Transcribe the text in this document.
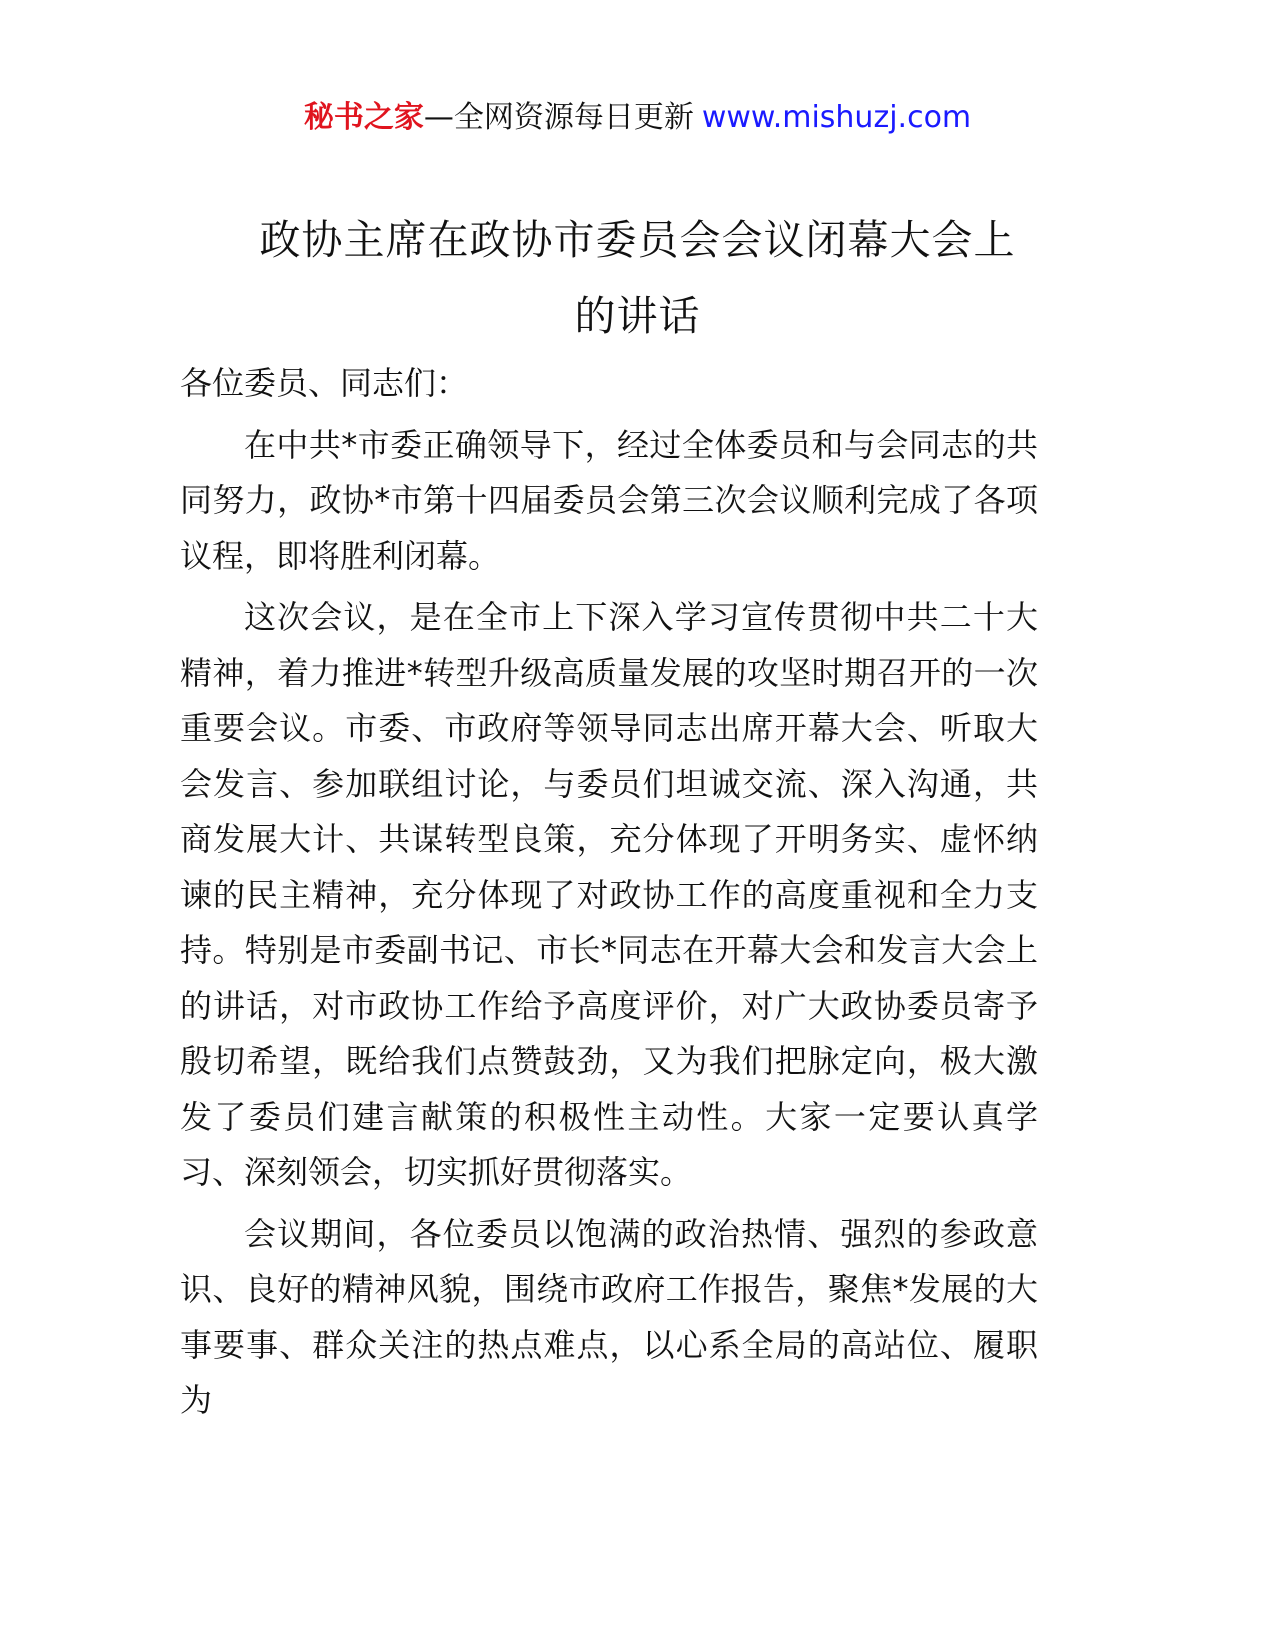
秘书之家—全网资源每日更新 www.mishuzj.com
政协主席在政协市委员会会议闭幕大会上
的讲话

各位委员、同志们：

在中共*市委正确领导下，经过全体委员和与会同志的共同努力，政协*市第十四届委员会第三次会议顺利完成了各项议程，即将胜利闭幕。

这次会议，是在全市上下深入学习宣传贯彻中共二十大精神，着力推进*转型升级高质量发展的攻坚时期召开的一次重要会议。市委、市政府等领导同志出席开幕大会、听取大会发言、参加联组讨论，与委员们坦诚交流、深入沟通，共商发展大计、共谋转型良策，充分体现了开明务实、虚怀纳谏的民主精神，充分体现了对政协工作的高度重视和全力支持。特别是市委副书记、市长*同志在开幕大会和发言大会上的讲话，对市政协工作给予高度评价，对广大政协委员寄予殷切希望，既给我们点赞鼓劲，又为我们把脉定向，极大激发了委员们建言献策的积极性主动性。大家一定要认真学习、深刻领会，切实抓好贯彻落实。

会议期间，各位委员以饱满的政治热情、强烈的参政意识、良好的精神风貌，围绕市政府工作报告，聚焦*发展的大事要事、群众关注的热点难点，以心系全局的高站位、履职为
